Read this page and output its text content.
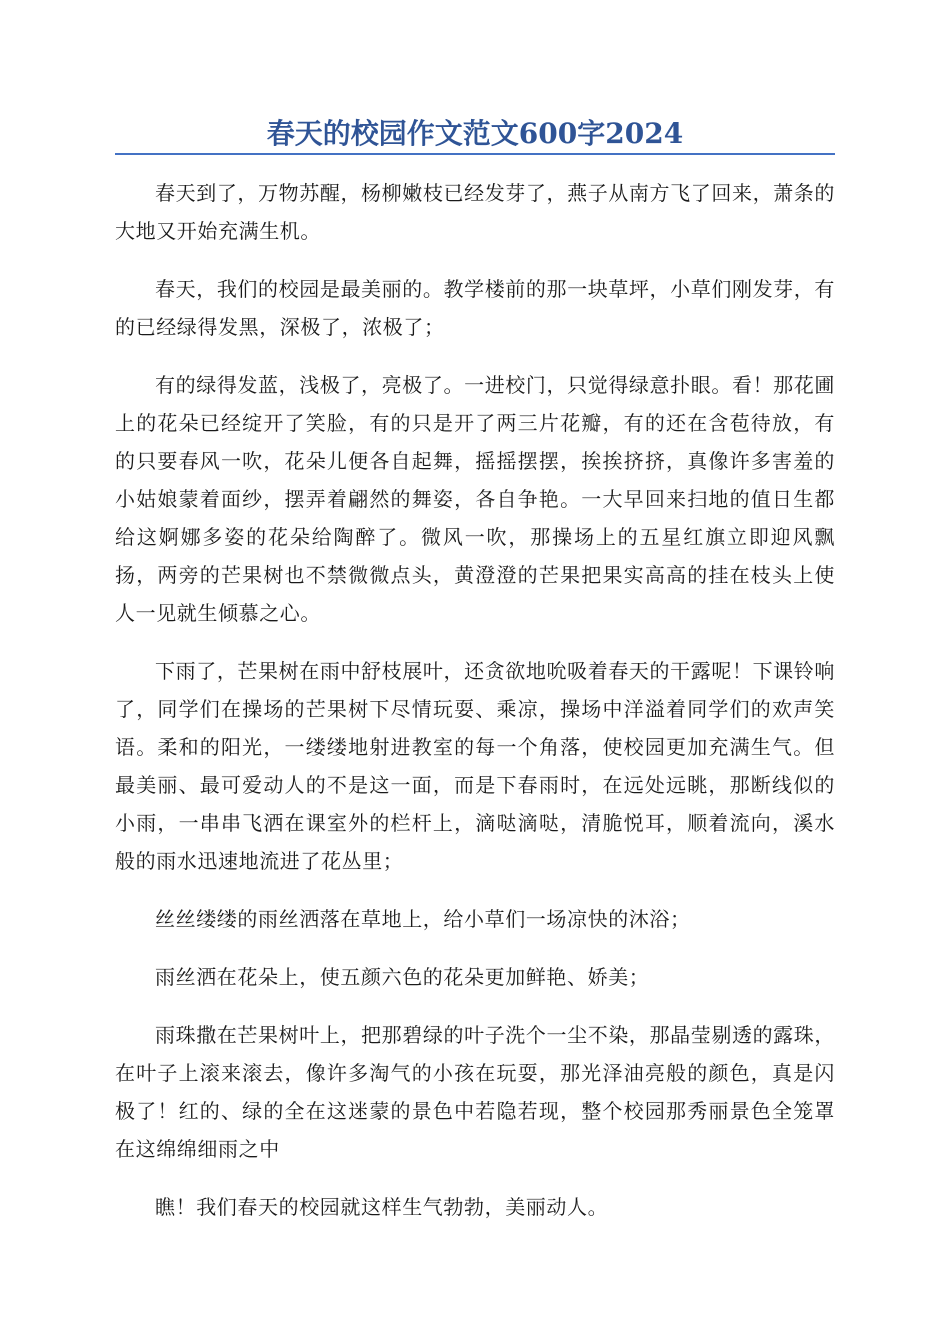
春天的校园作文范文600字2024

春天到了，万物苏醒，杨柳嫩枝已经发芽了，燕子从南方飞了回来，萧条的大地又开始充满生机。

春天，我们的校园是最美丽的。教学楼前的那一块草坪，小草们刚发芽，有的已经绿得发黑，深极了，浓极了；

有的绿得发蓝，浅极了，亮极了。一进校门，只觉得绿意扑眼。看！那花圃上的花朵已经绽开了笑脸，有的只是开了两三片花瓣，有的还在含苞待放，有的只要春风一吹，花朵儿便各自起舞，摇摇摆摆，挨挨挤挤，真像许多害羞的小姑娘蒙着面纱，摆弄着翩然的舞姿，各自争艳。一大早回来扫地的值日生都给这婀娜多姿的花朵给陶醉了。微风一吹，那操场上的五星红旗立即迎风飘扬，两旁的芒果树也不禁微微点头，黄澄澄的芒果把果实高高的挂在枝头上使人一见就生倾慕之心。

下雨了，芒果树在雨中舒枝展叶，还贪欲地吮吸着春天的干露呢！下课铃响了，同学们在操场的芒果树下尽情玩耍、乘凉，操场中洋溢着同学们的欢声笑语。柔和的阳光，一缕缕地射进教室的每一个角落，使校园更加充满生气。但最美丽、最可爱动人的不是这一面，而是下春雨时，在远处远眺，那断线似的小雨，一串串飞洒在课室外的栏杆上，滴哒滴哒，清脆悦耳，顺着流向，溪水般的雨水迅速地流进了花丛里；

丝丝缕缕的雨丝洒落在草地上，给小草们一场凉快的沐浴；

雨丝洒在花朵上，使五颜六色的花朵更加鲜艳、娇美；

雨珠撒在芒果树叶上，把那碧绿的叶子洗个一尘不染，那晶莹剔透的露珠，在叶子上滚来滚去，像许多淘气的小孩在玩耍，那光泽油亮般的颜色，真是闪极了！红的、绿的全在这迷蒙的景色中若隐若现，整个校园那秀丽景色全笼罩在这绵绵细雨之中

瞧！我们春天的校园就这样生气勃勃，美丽动人。
